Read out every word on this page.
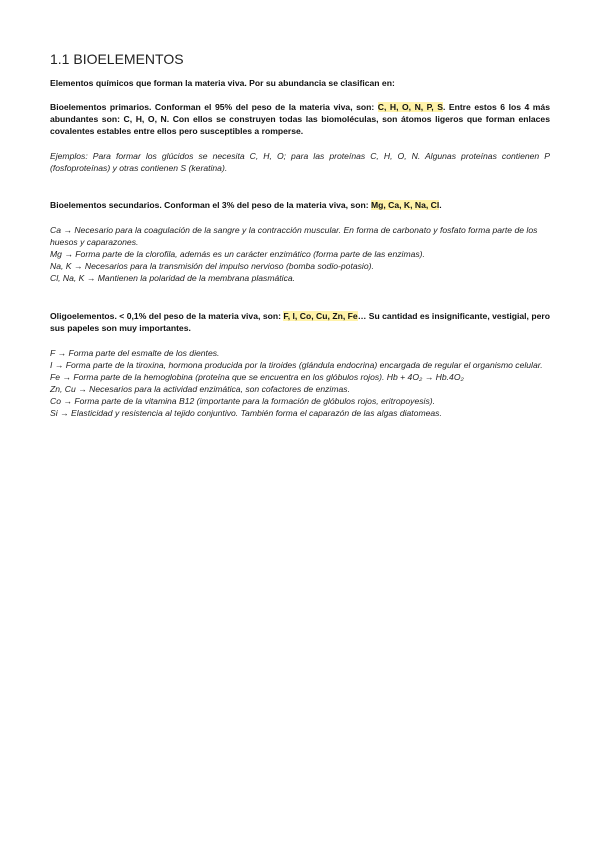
1.1 BIOELEMENTOS

Elementos químicos que forman la materia viva. Por su abundancia se clasifican en:

Bioelementos primarios. Conforman el 95% del peso de la materia viva, son: C, H, O, N, P, S. Entre estos 6 los 4 más abundantes son: C, H, O, N. Con ellos se construyen todas las biomoléculas, son átomos ligeros que forman enlaces covalentes estables entre ellos pero susceptibles a romperse.

Ejemplos: Para formar los glúcidos se necesita C, H, O; para las proteínas C, H, O, N. Algunas proteínas contienen P (fosfoproteínas) y otras contienen S (keratina).

Bioelementos secundarios. Conforman el 3% del peso de la materia viva, son: Mg, Ca, K, Na, Cl.

Ca → Necesario para la coagulación de la sangre y la contracción muscular. En forma de carbonato y fosfato forma parte de los huesos y caparazones.

Mg → Forma parte de la clorofila, además es un carácter enzimático (forma parte de las enzimas).

Na, K → Necesarios para la transmisión del impulso nervioso (bomba sodio-potasio).

Cl, Na, K → Mantienen la polaridad de la membrana plasmática.

Oligoelementos. < 0,1% del peso de la materia viva, son: F, I, Co, Cu, Zn, Fe… Su cantidad es insignificante, vestigial, pero sus papeles son muy importantes.

F → Forma parte del esmalte de los dientes.

I → Forma parte de la tiroxina, hormona producida por la tiroides (glándula endocrina) encargada de regular el organismo celular.

Fe → Forma parte de la hemoglobina (proteína que se encuentra en los glóbulos rojos). Hb + 4O₂ → Hb.4O₂

Zn, Cu → Necesarios para la actividad enzimática, son cofactores de enzimas.

Co → Forma parte de la vitamina B12 (importante para la formación de glóbulos rojos, eritropoyesis).

Si → Elasticidad y resistencia al tejido conjuntivo. También forma el caparazón de las algas diatomeas.
